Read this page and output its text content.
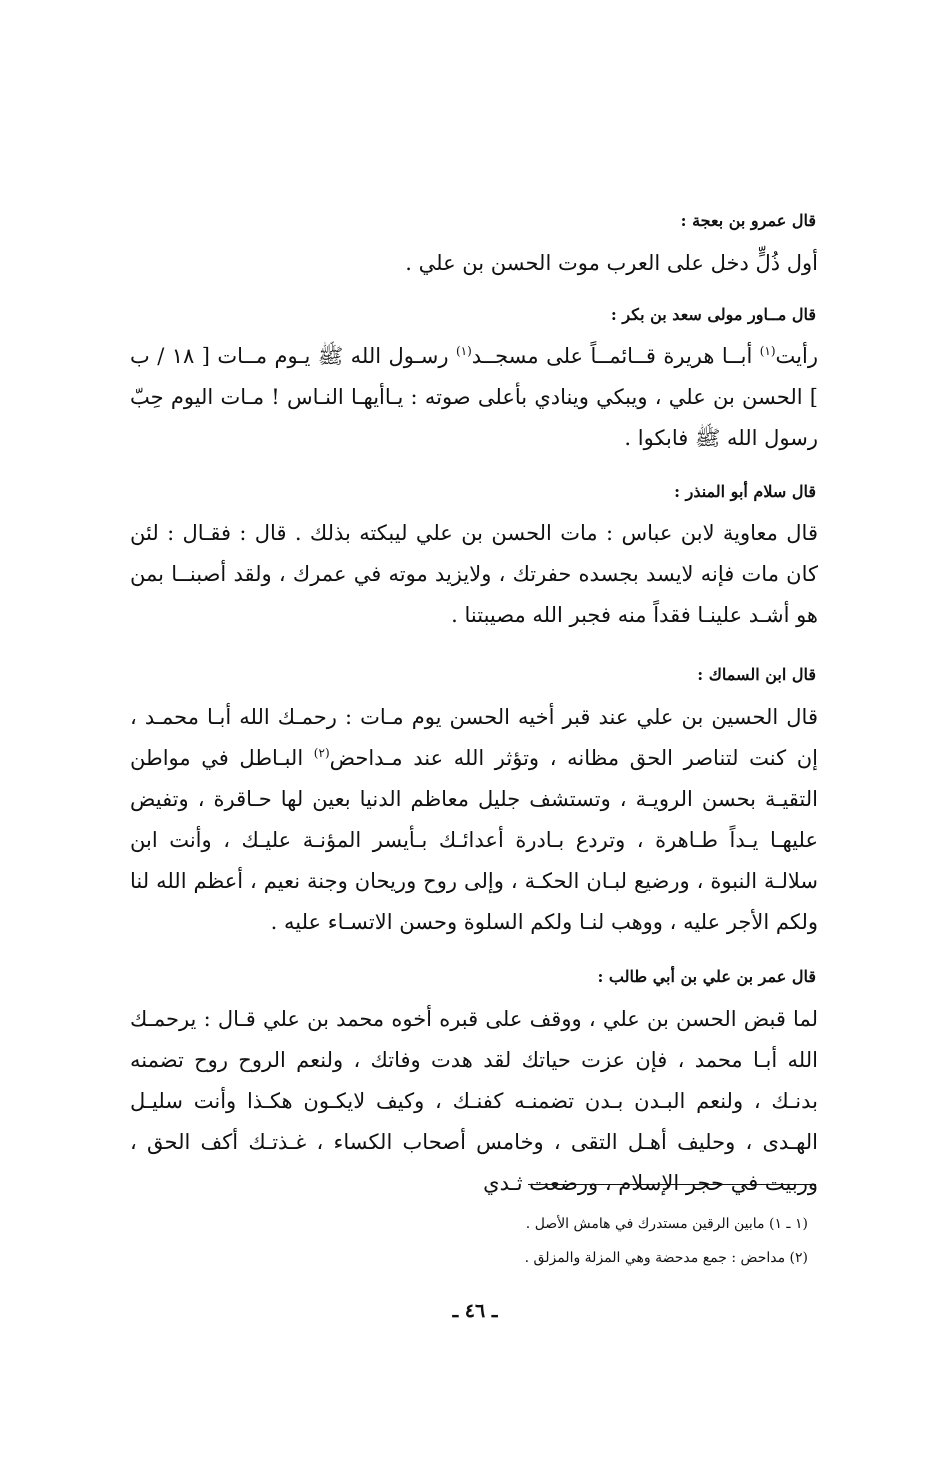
قال عمرو بن بعجة :

أول ذُلٍّ دخل على العرب موت الحسن بن علي .

قال مــاور مولى سعد بن بكر :

رأيت$^{(١)}$ أبــا هريرة قــائمــاً على مسجــد$^{(١)}$ رسـول الله ﷺ يـوم مــات [ ١٨ / ب ] الحسن بن علي ، ويبكي وينادي بأعلى صوته : يـاأيهـا النـاس ! مـات اليوم حِبّ رسول الله ﷺ فابكوا .

قال سلام أبو المنذر :

قال معاوية لابن عباس : مات الحسن بن علي ليبكته بذلك . قال : فقـال : لئن كان مات فإنه لايسد بجسده حفرتك ، ولايزيد موته في عمرك ، ولقد أصبنــا بمن هو أشـد علينـا فقداً منه فجبر الله مصيبتنا .

قال ابن السماك :

قال الحسين بن علي عند قبر أخيه الحسن يوم مـات : رحمـك الله أبـا محمـد ، إن كنت لتناصر الحق مظانه ، وتؤثر الله عند مـداحض$^{(٢)}$ البـاطل في مواطن التقيـة بحسن الرويـة ، وتستشف جليل معاظم الدنيا بعين لها حـاقرة ، وتفيض عليهـا يـداً طـاهرة ، وتردع بـادرة أعدائـك بـأيسر المؤنـة عليـك ، وأنت ابن سلالـة النبوة ، ورضيع لبـان الحكـة ، وإلى روح وريحان وجنة نعيم ، أعظم الله لنا ولكم الأجر عليه ، ووهب لنـا ولكم السلوة وحسن الاتسـاء عليه .

قال عمر بن علي بن أبي طالب :

لما قبض الحسن بن علي ، ووقف على قبره أخوه محمد بن علي قـال : يرحمـك الله أبـا محمد ، فإن عزت حياتك لقد هدت وفاتك ، ولنعم الروح روح تضمنه بدنـك ، ولنعم البـدن بـدن تضمنـه كفنـك ، وكيف لايكـون هكـذا وأنت سليـل الهـدى ، وحليف أهـل التقى ، وخامس أصحاب الكساء ، غـذتـك أكف الحق ، وربيت في حجر الإسلام ، ورضعت ثـدي

(١ ـ ١) مابين الرقين مستدرك في هامش الأصل .
(٢) مداحض : جمع مدحضة وهي المزلة والمزلق .
ـ ٤٦ ـ
